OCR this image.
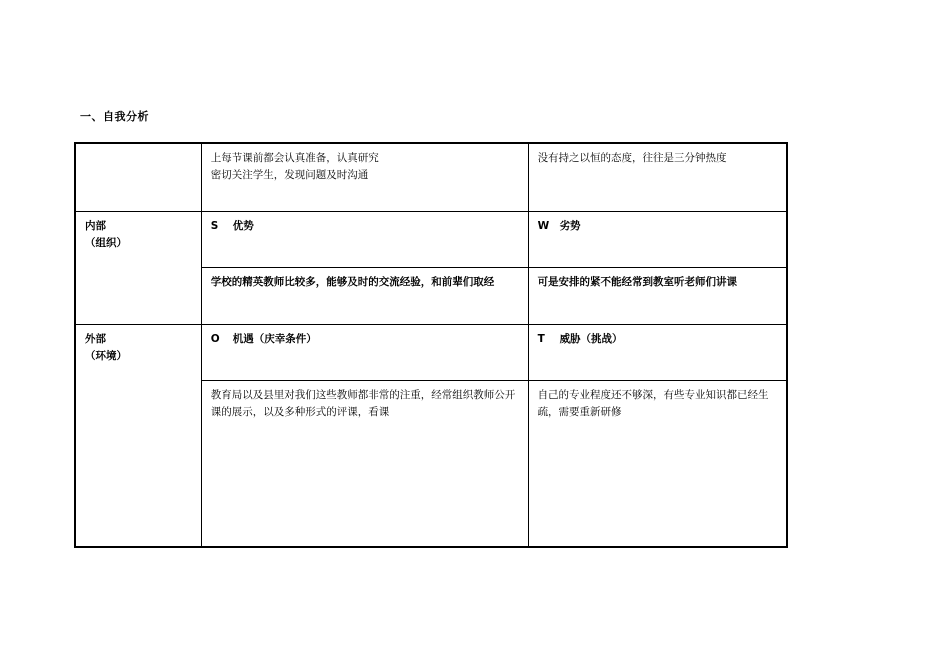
一、自我分析

	上每节课前都会认真准备，认真研究
密切关注学生，发现问题及时沟通	没有持之以恒的态度，往往是三分钟热度

内部
（组织）	S 优势	W 劣势
	学校的精英教师比较多，能够及时的交流经验，和前辈们取经	可是安排的紧不能经常到教室听老师们讲课

外部
（环境）	O 机遇（庆幸条件）	T 威胁（挑战）
	教育局以及县里对我们这些教师都非常的注重，经常组织教师公开课的展示，以及多种形式的评课，看课	自己的专业程度还不够深，有些专业知识都已经生疏，需要重新研修
